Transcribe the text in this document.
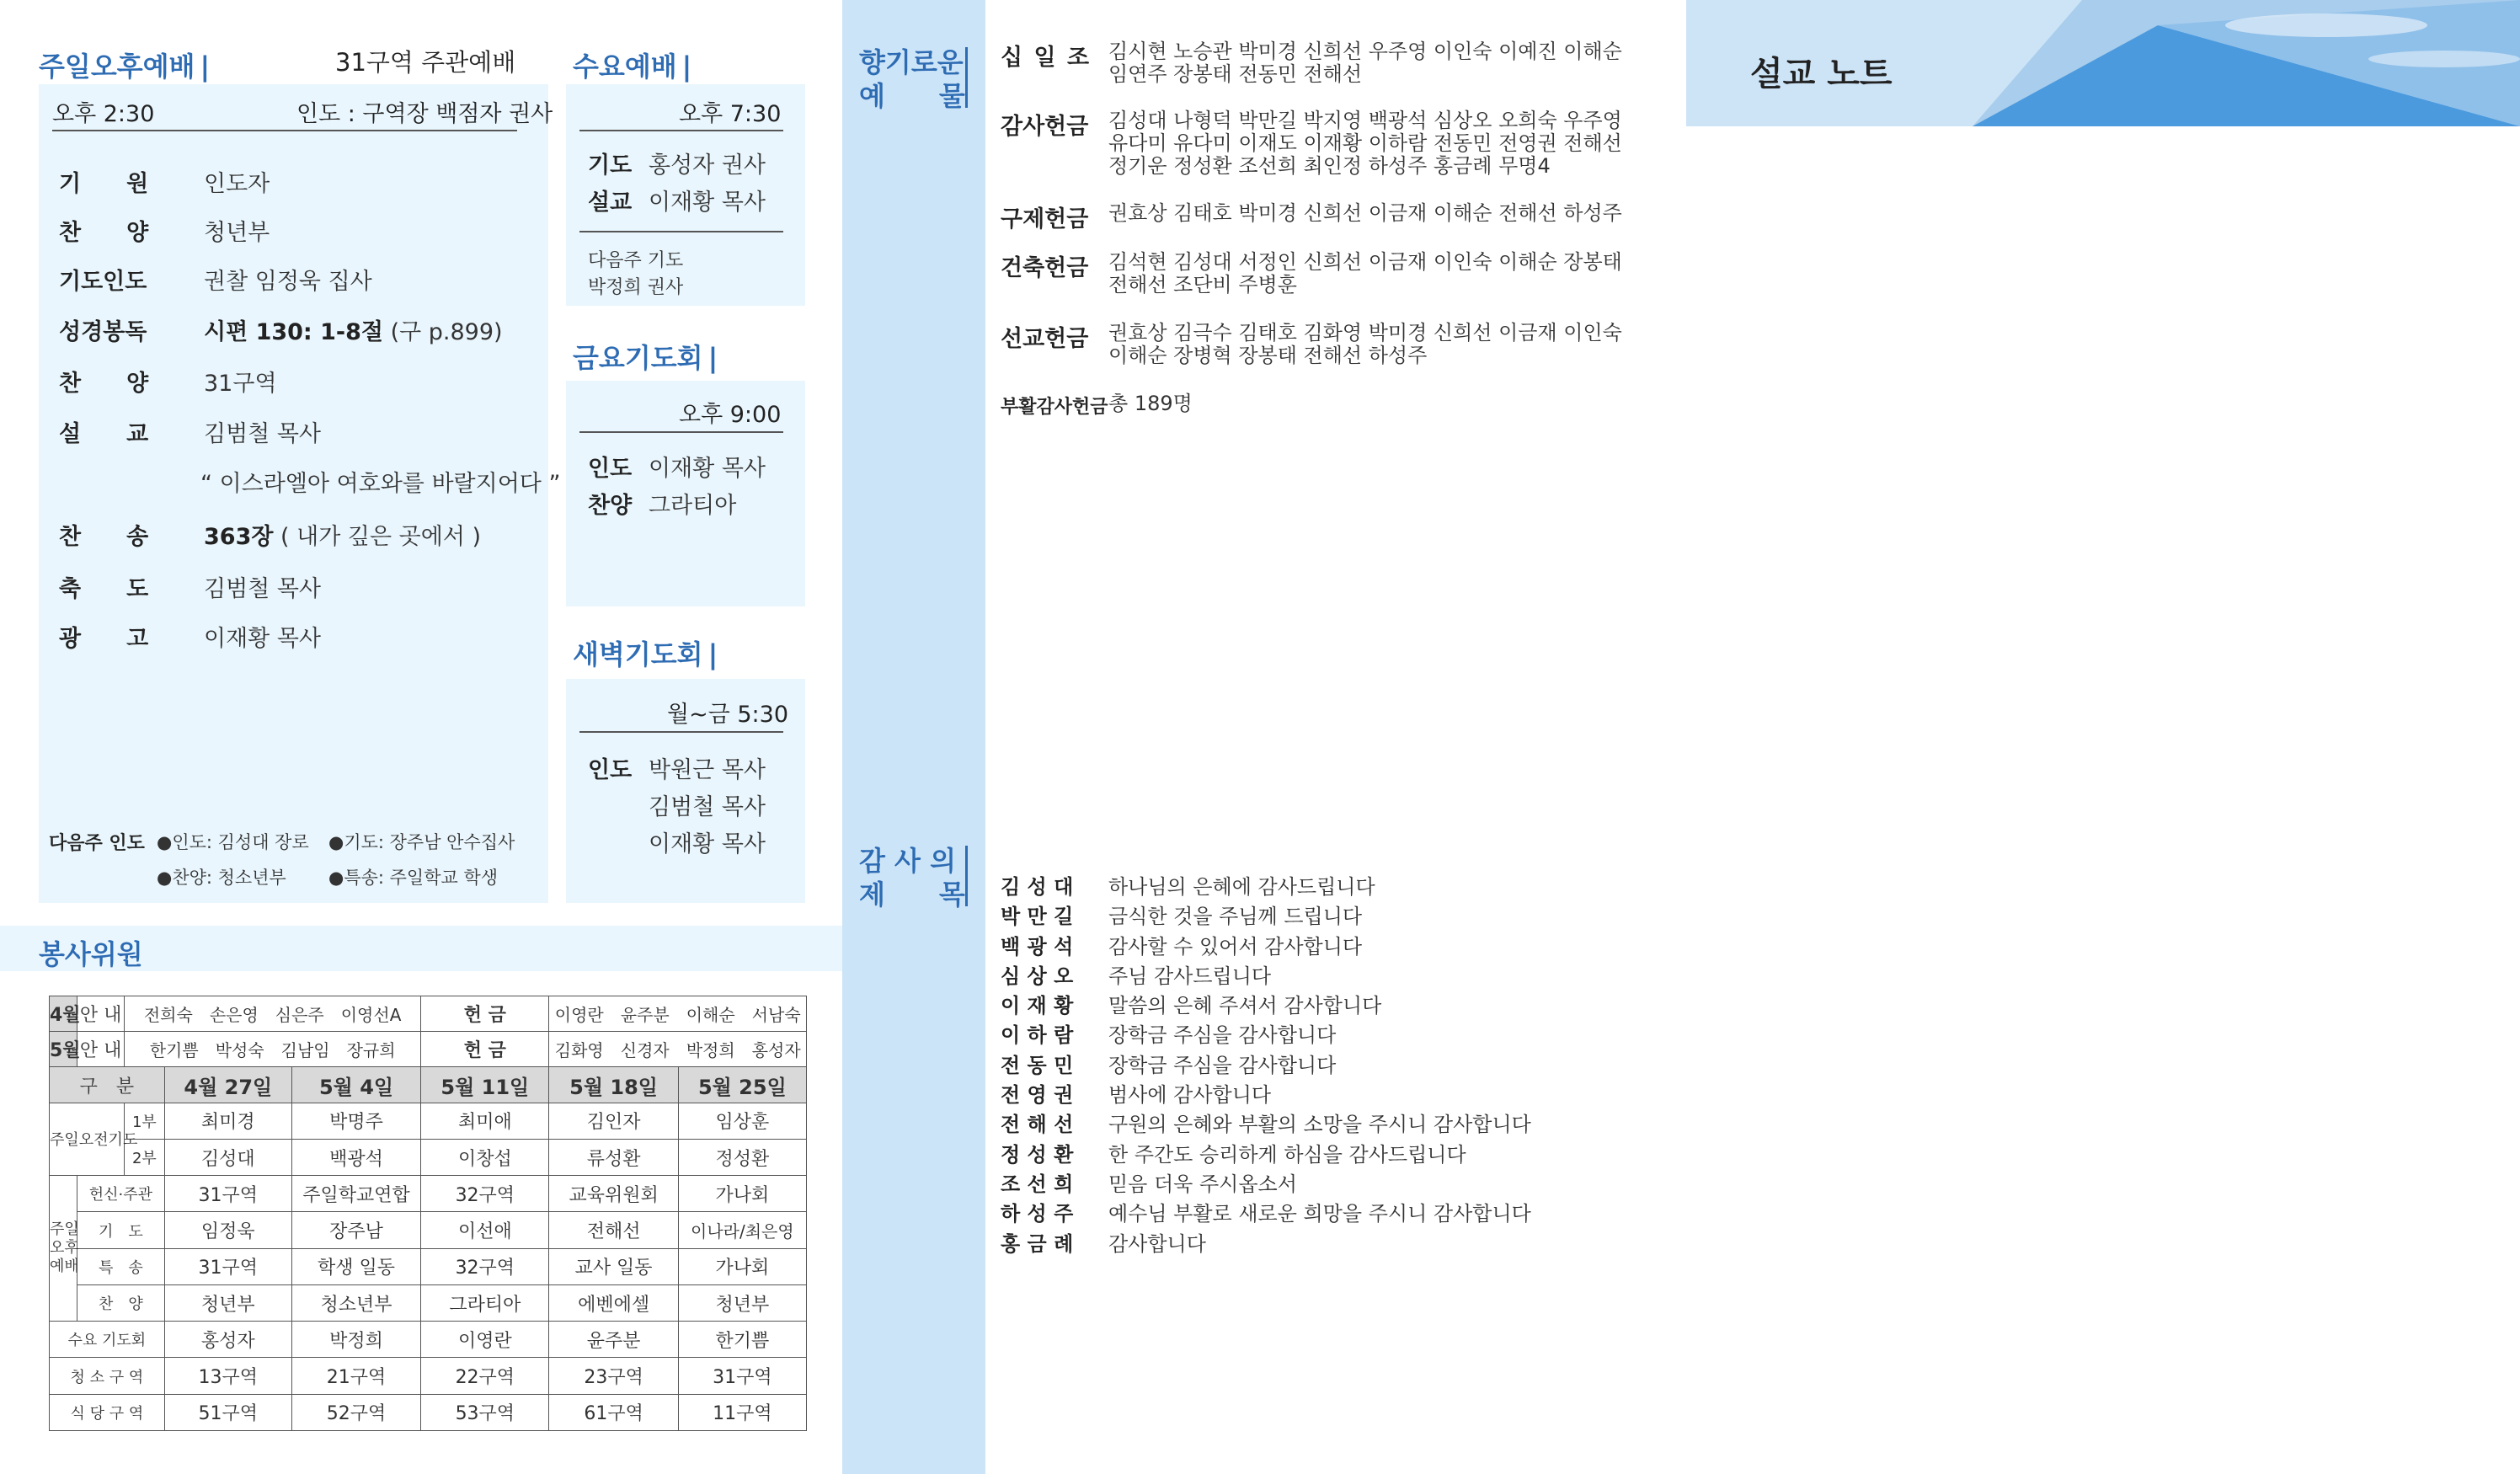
주일오후예배 |	31구역 주관예배
오후 2:30	인도 : 구역장 백점자 권사
기　　원 인도자
찬　　양 청년부
기도인도	권찰 임정욱 집사
성경봉독	시편 130: 1-8절 (구 p.899)
찬　　양 31구역
설　　교 김범철 목사
“ 이스라엘아 여호와를 바랄지어다 ”
찬　　송 363장 ( 내가 깊은 곳에서 )
축　　도 김범철 목사
광　　고 이재황 목사
다음주 인도 ●인도: 김성대 장로 ●기도: 장주남 안수집사
●찬양: 청소년부 ●특송: 주일학교 학생
수요예배 |
오후 7:30
기도 홍성자 권사
설교 이재황 목사
다음주 기도
박정희 권사
금요기도회 |
오후 9:00
인도 이재황 목사
찬양 그라티아
새벽기도회 |
월~금 5:30
인도 박원근 목사
김범철 목사
이재황 목사
봉사위원
4월	안 내	전희숙　손은영　심은주　이영선A			헌 금	이영란　윤주분　이해순　서남숙	
5월	안 내	한기쁨　박성숙　김남임　장규희			헌 금	김화영　신경자　박정희　홍성자	
구　분			4월 27일	5월 4일	5월 11일	5월 18일	5월 25일
주일오전기도		1부	최미경	박명주	최미애	김인자	임상훈
		2부	김성대	백광석	이창섭	류성환	정성환

주일
오후
예배	헌신·주관		31구역	주일학교연합	32구역	교육위원회	가나회
	기　도		임정욱	장주남	이선애	전해선	이나라/최은영
	특　송		31구역	학생 일동	32구역	교사 일동	가나회
	찬　양		청년부	청소년부	그라티아	에벤에셀	청년부
수요 기도회			홍성자	박정희	이영란	윤주분	한기쁨
청 소 구 역			13구역	21구역	22구역	23구역	31구역
식 당 구 역			51구역	52구역	53구역	61구역	11구역
향기로운
예　　물
감 사 의
제　　목
십 일 조 김시현 노승관 박미경 신희선 우주영 이인숙 이예진 이해순
임연주 장봉태 전동민 전해선
감사헌금 김성대 나형덕 박만길 박지영 백광석 심상오 오희숙 우주영
유다미 유다미 이재도 이재황 이하람 전동민 전영권 전해선
정기운 정성환 조선희 최인정 하성주 홍금례 무명4
구제헌금 권효상 김태호 박미경 신희선 이금재 이해순 전해선 하성주
건축헌금 김석현 김성대 서정인 신희선 이금재 이인숙 이해순 장봉태
전해선 조단비 주병훈
선교헌금 권효상 김극수 김태호 김화영 박미경 신희선 이금재 이인숙
이해순 장병혁 장봉태 전해선 하성주
부활감사헌금 총 189명
김 성 대 하나님의 은혜에 감사드립니다
박 만 길 금식한 것을 주님께 드립니다
백 광 석 감사할 수 있어서 감사합니다
심 상 오 주님 감사드립니다
이 재 황 말씀의 은혜 주셔서 감사합니다
이 하 람 장학금 주심을 감사합니다
전 동 민 장학금 주심을 감사합니다
전 영 권 범사에 감사합니다
전 해 선 구원의 은혜와 부활의 소망을 주시니 감사합니다
정 성 환 한 주간도 승리하게 하심을 감사드립니다
조 선 희 믿음 더욱 주시옵소서
하 성 주 예수님 부활로 새로운 희망을 주시니 감사합니다
홍 금 례 감사합니다
설교 노트
